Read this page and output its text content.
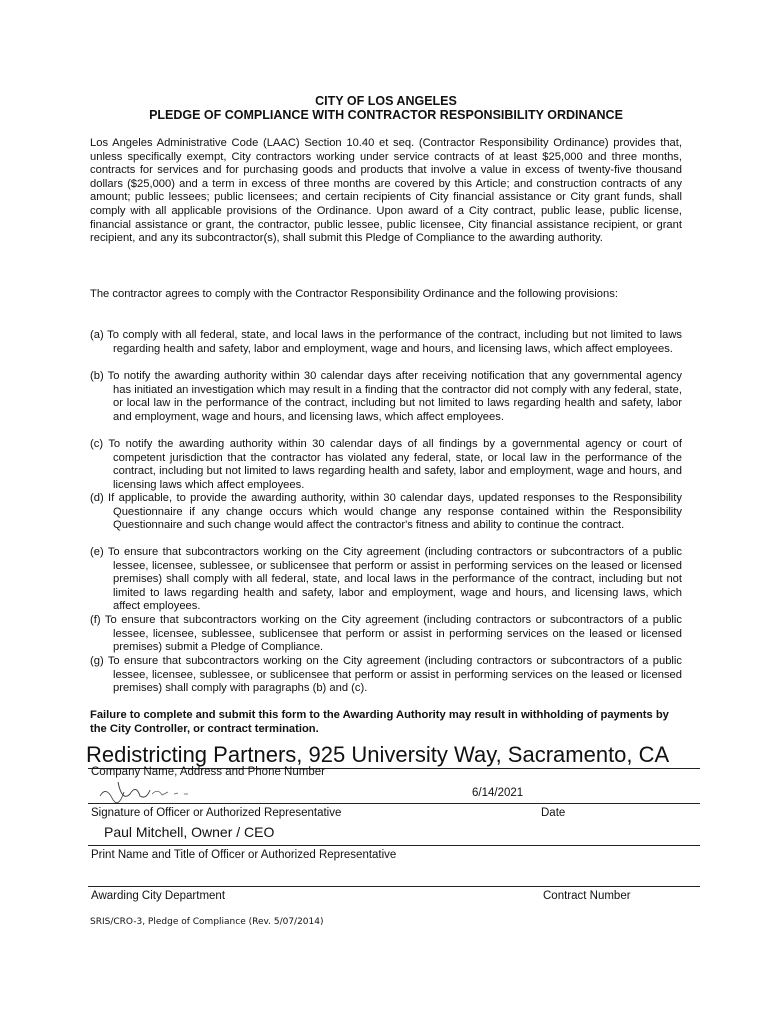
CITY OF LOS ANGELES
PLEDGE OF COMPLIANCE WITH CONTRACTOR RESPONSIBILITY ORDINANCE
Los Angeles Administrative Code (LAAC) Section 10.40 et seq. (Contractor Responsibility Ordinance) provides that, unless specifically exempt, City contractors working under service contracts of at least $25,000 and three months, contracts for services and for purchasing goods and products that involve a value in excess of twenty-five thousand dollars ($25,000) and a term in excess of three months are covered by this Article; and construction contracts of any amount; public lessees; public licensees; and certain recipients of City financial assistance or City grant funds, shall comply with all applicable provisions of the Ordinance. Upon award of a City contract, public lease, public license, financial assistance or grant, the contractor, public lessee, public licensee, City financial assistance recipient, or grant recipient, and any its subcontractor(s), shall submit this Pledge of Compliance to the awarding authority.
The contractor agrees to comply with the Contractor Responsibility Ordinance and the following provisions:
(a) To comply with all federal, state, and local laws in the performance of the contract, including but not limited to laws regarding health and safety, labor and employment, wage and hours, and licensing laws, which affect employees.
(b) To notify the awarding authority within 30 calendar days after receiving notification that any governmental agency has initiated an investigation which may result in a finding that the contractor did not comply with any federal, state, or local law in the performance of the contract, including but not limited to laws regarding health and safety, labor and employment, wage and hours, and licensing laws, which affect employees.
(c) To notify the awarding authority within 30 calendar days of all findings by a governmental agency or court of competent jurisdiction that the contractor has violated any federal, state, or local law in the performance of the contract, including but not limited to laws regarding health and safety, labor and employment, wage and hours, and licensing laws which affect employees.
(d) If applicable, to provide the awarding authority, within 30 calendar days, updated responses to the Responsibility Questionnaire if any change occurs which would change any response contained within the Responsibility Questionnaire and such change would affect the contractor's fitness and ability to continue the contract.
(e) To ensure that subcontractors working on the City agreement (including contractors or subcontractors of a public lessee, licensee, sublessee, or sublicensee that perform or assist in performing services on the leased or licensed premises) shall comply with all federal, state, and local laws in the performance of the contract, including but not limited to laws regarding health and safety, labor and employment, wage and hours, and licensing laws, which affect employees.
(f) To ensure that subcontractors working on the City agreement (including contractors or subcontractors of a public lessee, licensee, sublessee, sublicensee that perform or assist in performing services on the leased or licensed premises) submit a Pledge of Compliance.
(g) To ensure that subcontractors working on the City agreement (including contractors or subcontractors of a public lessee, licensee, sublessee, or sublicensee that perform or assist in performing services on the leased or licensed premises) shall comply with paragraphs (b) and (c).
Failure to complete and submit this form to the Awarding Authority may result in withholding of payments by the City Controller, or contract termination.
Redistricting Partners, 925 University Way, Sacramento, CA
Company Name, Address and Phone Number
6/14/2021
Signature of Officer or Authorized Representative	Date
Paul Mitchell, Owner / CEO
Print Name and Title of Officer or Authorized Representative
Awarding City Department	Contract Number
SRIS/CRO-3, Pledge of Compliance (Rev. 5/07/2014)
